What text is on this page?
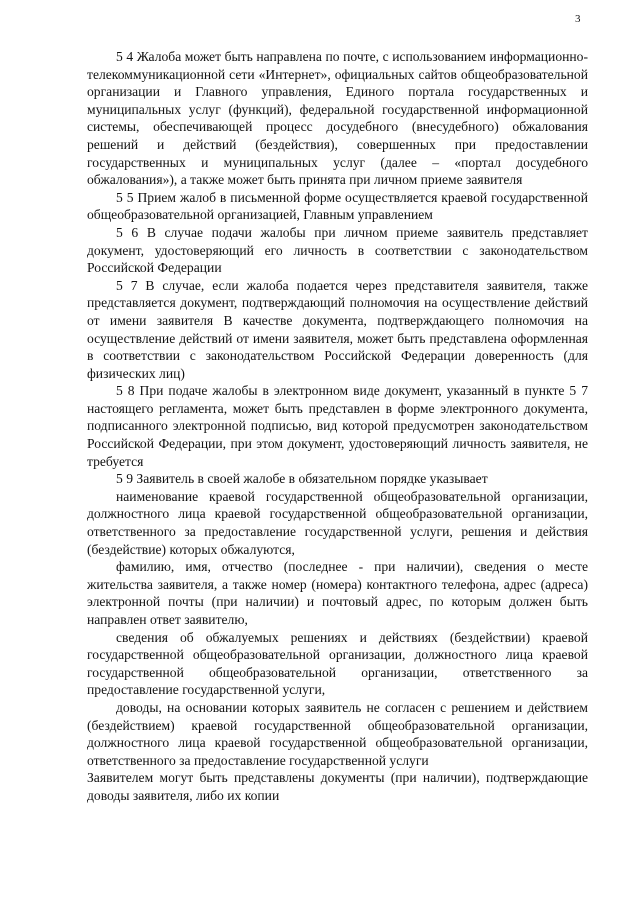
3

5 4 Жалоба может быть направлена по почте, с использованием информационно-телекоммуникационной сети «Интернет», официальных сайтов общеобразовательной организации и Главного управления, Единого портала государственных и муниципальных услуг (функций), федеральной государственной информационной системы, обеспечивающей процесс досудебного (внесудебного) обжалования решений и действий (бездействия), совершенных при предоставлении государственных и муниципальных услуг (далее – «портал досудебного обжалования»), а также может быть принята при личном приеме заявителя

5 5 Прием жалоб в письменной форме осуществляется краевой государственной общеобразовательной организацией, Главным управлением

5 6 В случае подачи жалобы при личном приеме заявитель представляет документ, удостоверяющий его личность в соответствии с законодательством Российской Федерации

5 7 В случае, если жалоба подается через представителя заявителя, также представляется документ, подтверждающий полномочия на осуществление действий от имени заявителя В качестве документа, подтверждающего полномочия на осуществление действий от имени заявителя, может быть представлена оформленная в соответствии с законодательством Российской Федерации доверенность (для физических лиц)

5 8 При подаче жалобы в электронном виде документ, указанный в пункте 5 7 настоящего регламента, может быть представлен в форме электронного документа, подписанного электронной подписью, вид которой предусмотрен законодательством Российской Федерации, при этом документ, удостоверяющий личность заявителя, не требуется

5 9 Заявитель в своей жалобе в обязательном порядке указывает

наименование краевой государственной общеобразовательной организации, должностного лица краевой государственной общеобразовательной организации, ответственного за предоставление государственной услуги, решения и действия (бездействие) которых обжалуются,

фамилию, имя, отчество (последнее - при наличии), сведения о месте жительства заявителя, а также номер (номера) контактного телефона, адрес (адреса) электронной почты (при наличии) и почтовый адрес, по которым должен быть направлен ответ заявителю,

сведения об обжалуемых решениях и действиях (бездействии) краевой государственной общеобразовательной организации, должностного лица краевой государственной общеобразовательной организации, ответственного за предоставление государственной услуги,

доводы, на основании которых заявитель не согласен с решением и действием (бездействием) краевой государственной общеобразовательной организации, должностного лица краевой государственной общеобразовательной организации, ответственного за предоставление государственной услуги

Заявителем могут быть представлены документы (при наличии), подтверждающие доводы заявителя, либо их копии
